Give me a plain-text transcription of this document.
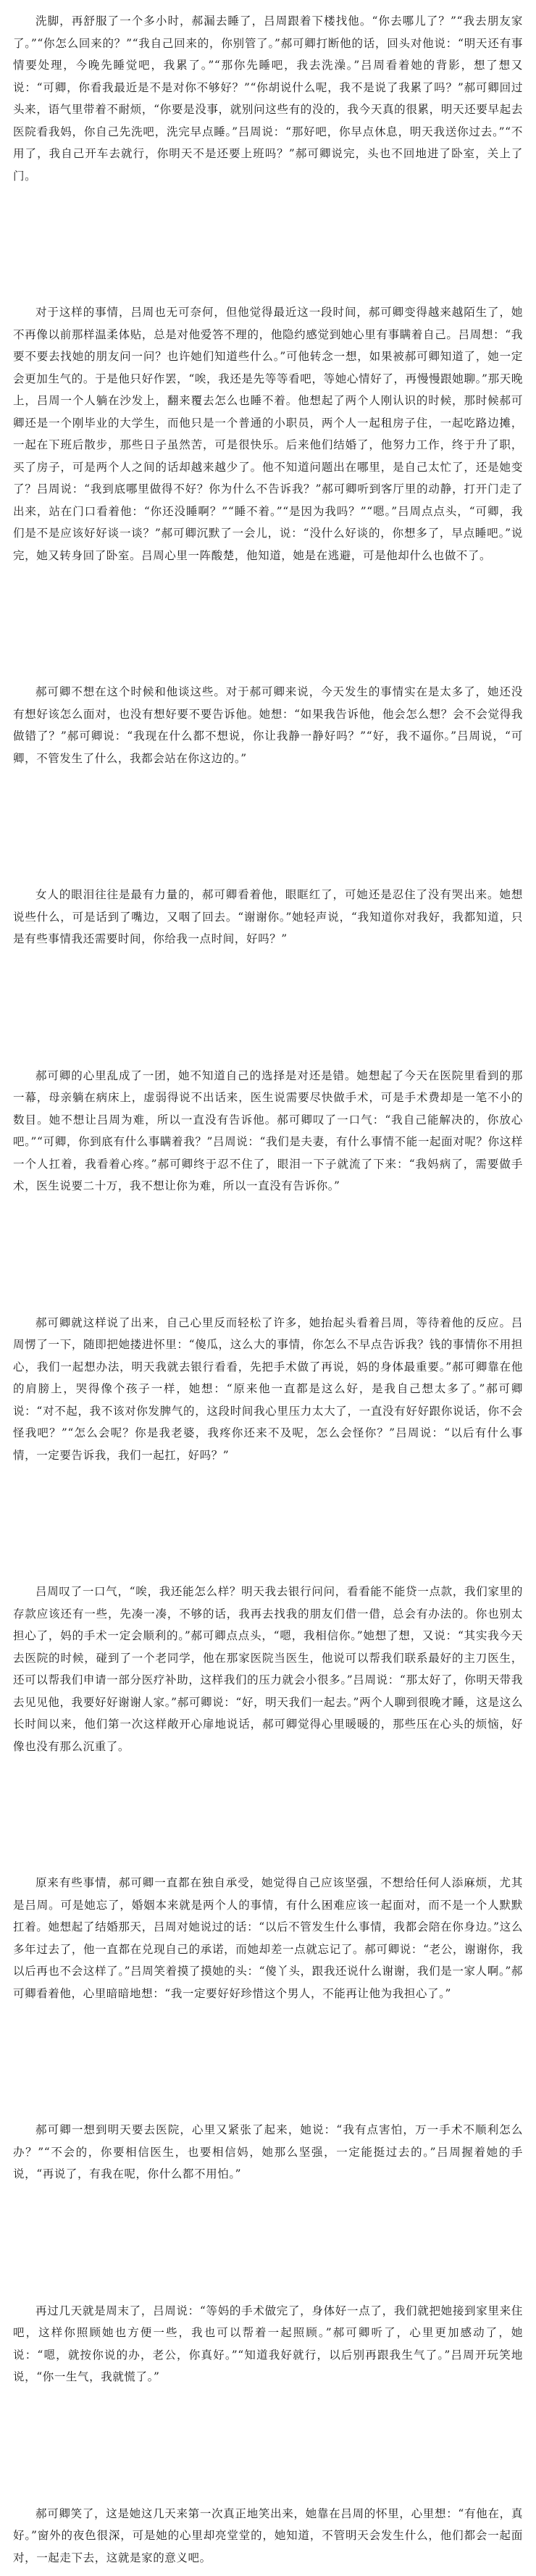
洗脚，再舒服了一个多小时，郝漏去睡了，吕周跟着下楼找他。“你去哪儿了？”“我去朋友家了。”“你怎么回来的？”“我自己回来的，你别管了。”郝可卿打断他的话，回头对他说：“明天还有事情要处理，今晚先睡觉吧，我累了。”“那你先睡吧，我去洗澡。”吕周看着她的背影，想了想又说：“可卿，你看我最近是不是对你不够好？”“你胡说什么呢，我不是说了我累了吗？”郝可卿回过头来，语气里带着不耐烦，“你要是没事，就别问这些有的没的，我今天真的很累，明天还要早起去医院看我妈，你自己先洗吧，洗完早点睡。”吕周说：“那好吧，你早点休息，明天我送你过去。”“不用了，我自己开车去就行，你明天不是还要上班吗？”郝可卿说完，头也不回地进了卧室，关上了门。

对于这样的事情，吕周也无可奈何，但他觉得最近这一段时间，郝可卿变得越来越陌生了，她不再像以前那样温柔体贴，总是对他爱答不理的，他隐约感觉到她心里有事瞒着自己。吕周想：“我要不要去找她的朋友问一问？也许她们知道些什么。”可他转念一想，如果被郝可卿知道了，她一定会更加生气的。于是他只好作罢，“唉，我还是先等等看吧，等她心情好了，再慢慢跟她聊。”那天晚上，吕周一个人躺在沙发上，翻来覆去怎么也睡不着。他想起了两个人刚认识的时候，那时候郝可卿还是一个刚毕业的大学生，而他只是一个普通的小职员，两个人一起租房子住，一起吃路边摊，一起在下班后散步，那些日子虽然苦，可是很快乐。后来他们结婚了，他努力工作，终于升了职，买了房子，可是两个人之间的话却越来越少了。他不知道问题出在哪里，是自己太忙了，还是她变了？吕周说：“我到底哪里做得不好？你为什么不告诉我？”郝可卿听到客厅里的动静，打开门走了出来，站在门口看着他：“你还没睡啊？”“睡不着。”“是因为我吗？”“嗯。”吕周点点头，“可卿，我们是不是应该好好谈一谈？”郝可卿沉默了一会儿，说：“没什么好谈的，你想多了，早点睡吧。”说完，她又转身回了卧室。吕周心里一阵酸楚，他知道，她是在逃避，可是他却什么也做不了。

郝可卿不想在这个时候和他谈这些。对于郝可卿来说，今天发生的事情实在是太多了，她还没有想好该怎么面对，也没有想好要不要告诉他。她想：“如果我告诉他，他会怎么想？会不会觉得我做错了？”郝可卿说：“我现在什么都不想说，你让我静一静好吗？”“好，我不逼你。”吕周说，“可卿，不管发生了什么，我都会站在你这边的。”

女人的眼泪往往是最有力量的，郝可卿看着他，眼眶红了，可她还是忍住了没有哭出来。她想说些什么，可是话到了嘴边，又咽了回去。“谢谢你。”她轻声说，“我知道你对我好，我都知道，只是有些事情我还需要时间，你给我一点时间，好吗？”

郝可卿的心里乱成了一团，她不知道自己的选择是对还是错。她想起了今天在医院里看到的那一幕，母亲躺在病床上，虚弱得说不出话来，医生说需要尽快做手术，可是手术费却是一笔不小的数目。她不想让吕周为难，所以一直没有告诉他。郝可卿叹了一口气：“我自己能解决的，你放心吧。”“可卿，你到底有什么事瞒着我？”吕周说：“我们是夫妻，有什么事情不能一起面对呢？你这样一个人扛着，我看着心疼。”郝可卿终于忍不住了，眼泪一下子就流了下来：“我妈病了，需要做手术，医生说要二十万，我不想让你为难，所以一直没有告诉你。”

郝可卿就这样说了出来，自己心里反而轻松了许多，她抬起头看着吕周，等待着他的反应。吕周愣了一下，随即把她搂进怀里：“傻瓜，这么大的事情，你怎么不早点告诉我？钱的事情你不用担心，我们一起想办法，明天我就去银行看看，先把手术做了再说，妈的身体最重要。”郝可卿靠在他的肩膀上，哭得像个孩子一样，她想：“原来他一直都是这么好，是我自己想太多了。”郝可卿说：“对不起，我不该对你发脾气的，这段时间我心里压力太大了，一直没有好好跟你说话，你不会怪我吧？”“怎么会呢？你是我老婆，我疼你还来不及呢，怎么会怪你？”吕周说：“以后有什么事情，一定要告诉我，我们一起扛，好吗？”

吕周叹了一口气，“唉，我还能怎么样？明天我去银行问问，看看能不能贷一点款，我们家里的存款应该还有一些，先凑一凑，不够的话，我再去找我的朋友们借一借，总会有办法的。你也别太担心了，妈的手术一定会顺利的。”郝可卿点点头，“嗯，我相信你。”她想了想，又说：“其实我今天去医院的时候，碰到了一个老同学，他在那家医院当医生，他说可以帮我们联系最好的主刀医生，还可以帮我们申请一部分医疗补助，这样我们的压力就会小很多。”吕周说：“那太好了，你明天带我去见见他，我要好好谢谢人家。”郝可卿说：“好，明天我们一起去。”两个人聊到很晚才睡，这是这么长时间以来，他们第一次这样敞开心扉地说话，郝可卿觉得心里暖暖的，那些压在心头的烦恼，好像也没有那么沉重了。

原来有些事情，郝可卿一直都在独自承受，她觉得自己应该坚强，不想给任何人添麻烦，尤其是吕周。可是她忘了，婚姻本来就是两个人的事情，有什么困难应该一起面对，而不是一个人默默扛着。她想起了结婚那天，吕周对她说过的话：“以后不管发生什么事情，我都会陪在你身边。”这么多年过去了，他一直都在兑现自己的承诺，而她却差一点就忘记了。郝可卿说：“老公，谢谢你，我以后再也不会这样了。”吕周笑着摸了摸她的头：“傻丫头，跟我还说什么谢谢，我们是一家人啊。”郝可卿看着他，心里暗暗地想：“我一定要好好珍惜这个男人，不能再让他为我担心了。”

郝可卿一想到明天要去医院，心里又紧张了起来，她说：“我有点害怕，万一手术不顺利怎么办？”“不会的，你要相信医生，也要相信妈，她那么坚强，一定能挺过去的。”吕周握着她的手说，“再说了，有我在呢，你什么都不用怕。”

再过几天就是周末了，吕周说：“等妈的手术做完了，身体好一点了，我们就把她接到家里来住吧，这样你照顾她也方便一些，我也可以帮着一起照顾。”郝可卿听了，心里更加感动了，她说：“嗯，就按你说的办，老公，你真好。”“知道我好就行，以后别再跟我生气了。”吕周开玩笑地说，“你一生气，我就慌了。”

郝可卿笑了，这是她这几天来第一次真正地笑出来，她靠在吕周的怀里，心里想：“有他在，真好。”窗外的夜色很深，可是她的心里却亮堂堂的，她知道，不管明天会发生什么，他们都会一起面对，一起走下去，这就是家的意义吧。
